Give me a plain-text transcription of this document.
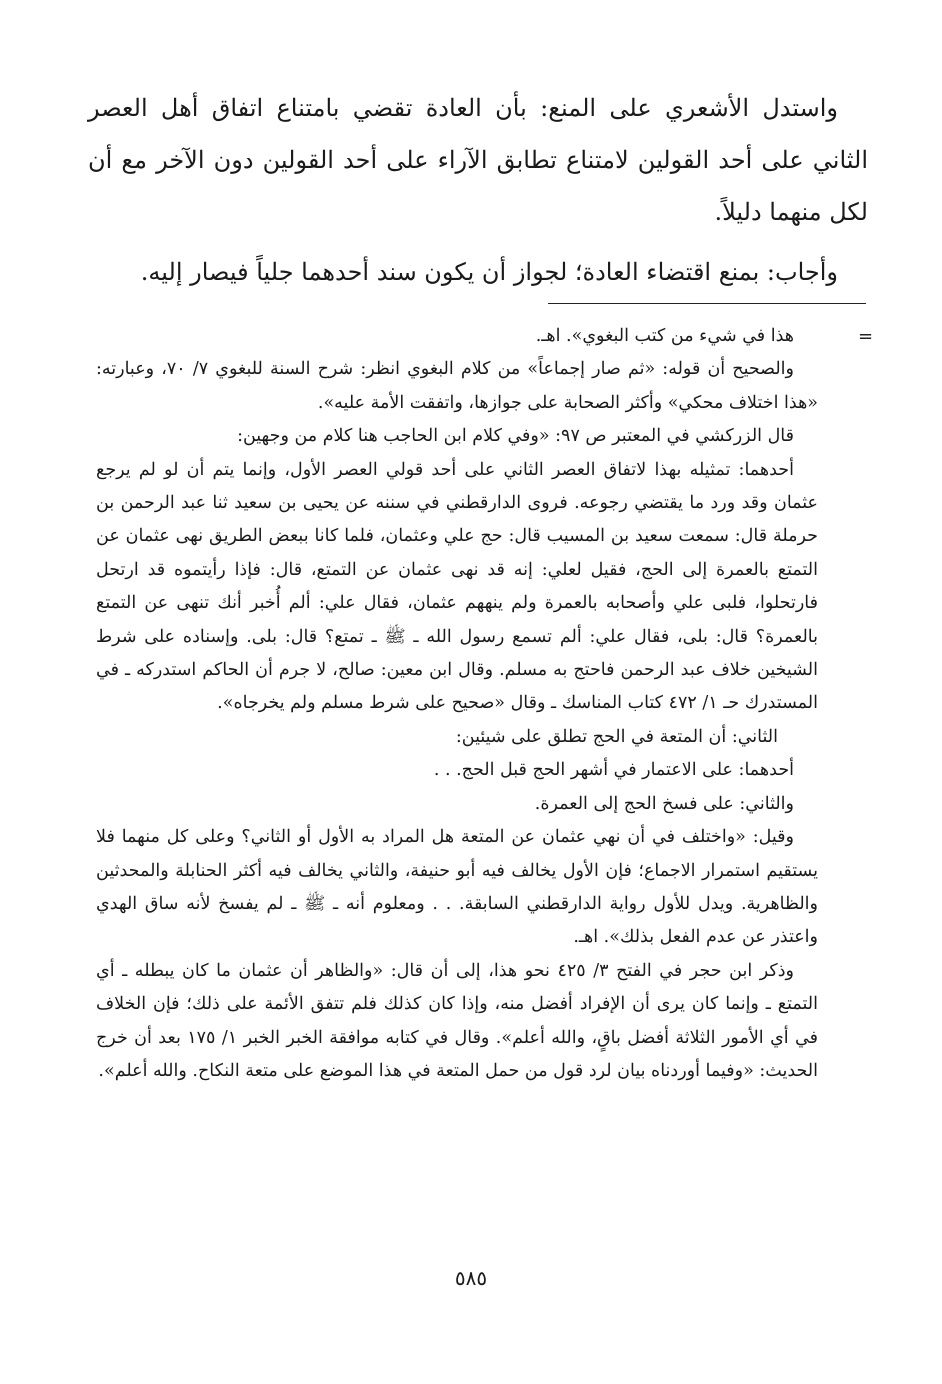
واستدل الأشعري على المنع: بأن العادة تقضي بامتناع اتفاق أهل العصر الثاني على أحد القولين لامتناع تطابق الآراء على أحد القولين دون الآخر مع أن لكل منهما دليلاً.

وأجاب: بمنع اقتضاء العادة؛ لجواز أن يكون سند أحدهما جلياً فيصار إليه.

=

هذا في شيء من كتب البغوي». اهـ.

والصحيح أن قوله: «ثم صار إجماعاً» من كلام البغوي انظر: شرح السنة للبغوي ٧/ ٧٠، وعبارته: «هذا اختلاف محكي» وأكثر الصحابة على جوازها، واتفقت الأمة عليه».

قال الزركشي في المعتبر ص ٩٧: «وفي كلام ابن الحاجب هنا كلام من وجهين:

أحدهما: تمثيله بهذا لاتفاق العصر الثاني على أحد قولي العصر الأول، وإنما يتم أن لو لم يرجع عثمان وقد ورد ما يقتضي رجوعه. فروى الدارقطني في سننه عن يحيى بن سعيد ثنا عبد الرحمن بن حرملة قال: سمعت سعيد بن المسيب قال: حج علي وعثمان، فلما كانا ببعض الطريق نهى عثمان عن التمتع بالعمرة إلى الحج، فقيل لعلي: إنه قد نهى عثمان عن التمتع، قال: فإذا رأيتموه قد ارتحل فارتحلوا، فلبى علي وأصحابه بالعمرة ولم ينههم عثمان، فقال علي: ألم أُخبر أنك تنهى عن التمتع بالعمرة؟ قال: بلى، فقال علي: ألم تسمع رسول الله ـ ﷺ ـ تمتع؟ قال: بلى. وإسناده على شرط الشيخين خلاف عبد الرحمن فاحتج به مسلم. وقال ابن معين: صالح، لا جرم أن الحاكم استدركه ـ في المستدرك حـ ١/ ٤٧٢ كتاب المناسك ـ وقال «صحيح على شرط مسلم ولم يخرجاه».

الثاني: أن المتعة في الحج تطلق على شيئين:

أحدهما: على الاعتمار في أشهر الحج قبل الحج. . .

والثاني: على فسخ الحج إلى العمرة.

وقيل: «واختلف في أن نهي عثمان عن المتعة هل المراد به الأول أو الثاني؟ وعلى كل منهما فلا يستقيم استمرار الاجماع؛ فإن الأول يخالف فيه أبو حنيفة، والثاني يخالف فيه أكثر الحنابلة والمحدثين والظاهرية. ويدل للأول رواية الدارقطني السابقة. . . ومعلوم أنه ـ ﷺ ـ لم يفسخ لأنه ساق الهدي واعتذر عن عدم الفعل بذلك». اهـ.

وذكر ابن حجر في الفتح ٣/ ٤٢٥ نحو هذا، إلى أن قال: «والظاهر أن عثمان ما كان يبطله ـ أي التمتع ـ وإنما كان يرى أن الإفراد أفضل منه، وإذا كان كذلك فلم تتفق الأئمة على ذلك؛ فإن الخلاف في أي الأمور الثلاثة أفضل باقٍ، والله أعلم». وقال في كتابه موافقة الخبر الخبر ١/ ١٧٥ بعد أن خرج الحديث: «وفيما أوردناه بيان لرد قول من حمل المتعة في هذا الموضع على متعة النكاح. والله أعلم».

٥٨٥
